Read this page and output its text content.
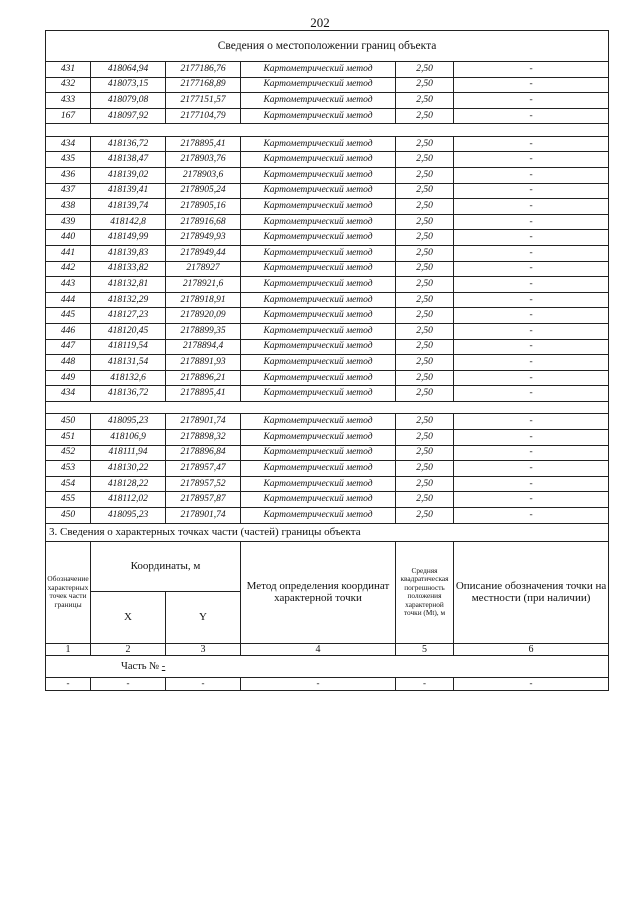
202
Сведения о местоположении границ объекта					
431	418064,94	2177186,76	Картометрический метод	2,50	-
432	418073,15	2177168,89	Картометрический метод	2,50	-
433	418079,08	2177151,57	Картометрический метод	2,50	-
167	418097,92	2177104,79	Картометрический метод	2,50	-

434	418136,72	2178895,41	Картометрический метод	2,50	-
435	418138,47	2178903,76	Картометрический метод	2,50	-
436	418139,02	2178903,6	Картометрический метод	2,50	-
437	418139,41	2178905,24	Картометрический метод	2,50	-
438	418139,74	2178905,16	Картометрический метод	2,50	-
439	418142,8	2178916,68	Картометрический метод	2,50	-
440	418149,99	2178949,93	Картометрический метод	2,50	-
441	418139,83	2178949,44	Картометрический метод	2,50	-
442	418133,82	2178927	Картометрический метод	2,50	-
443	418132,81	2178921,6	Картометрический метод	2,50	-
444	418132,29	2178918,91	Картометрический метод	2,50	-
445	418127,23	2178920,09	Картометрический метод	2,50	-
446	418120,45	2178899,35	Картометрический метод	2,50	-
447	418119,54	2178894,4	Картометрический метод	2,50	-
448	418131,54	2178891,93	Картометрический метод	2,50	-
449	418132,6	2178896,21	Картометрический метод	2,50	-
434	418136,72	2178895,41	Картометрический метод	2,50	-

450	418095,23	2178901,74	Картометрический метод	2,50	-
451	418106,9	2178898,32	Картометрический метод	2,50	-
452	418111,94	2178896,84	Картометрический метод	2,50	-
453	418130,22	2178957,47	Картометрический метод	2,50	-
454	418128,22	2178957,52	Картометрический метод	2,50	-
455	418112,02	2178957,87	Картометрический метод	2,50	-
450	418095,23	2178901,74	Картометрический метод	2,50	-
3. Сведения о характерных точках части (частей) границы объекта					
Обозначение характерных точек части границы	Координаты, м		Метод определения координат характерной точки	Средняя квадратическая погрешность положения характерной точки (Мt), м	Описание обозначения точки на местности (при наличии)
	X	Y			
1	2	3	4	5	6
Часть № -					
-	-	-	-	-	-
